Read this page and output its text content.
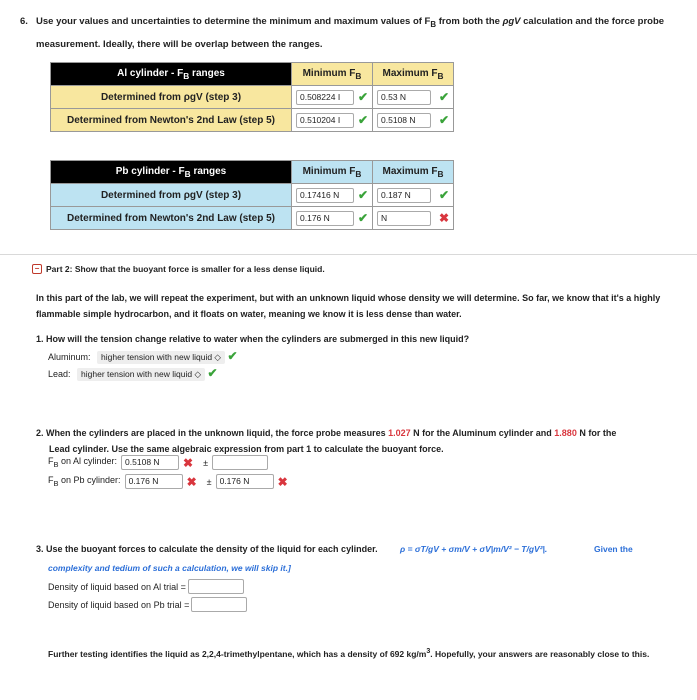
6. Use your values and uncertainties to determine the minimum and maximum values of $F_B$ from both the ρgV calculation and the force probe measurement. Ideally, there will be overlap between the ranges.
Al cylinder - $F_B$ ranges	Minimum $F_B$	Maximum $F_B$
Determined from ρgV (step 3)	0.508224 I ✔	0.53 N ✔

Determined from Newton's 2nd Law (step 5)	0.510204 I ✔	0.5108 N ✔
Pb cylinder - $F_B$ ranges	Minimum $F_B$	Maximum $F_B$
Determined from ρgV (step 3)	0.17416 N ✔	0.187 N ✔

Determined from Newton's 2nd Law (step 5)	0.176 N ✔	N ✖
− Part 2: Show that the buoyant force is smaller for a less dense liquid.
In this part of the lab, we will repeat the experiment, but with an unknown liquid whose density we will determine. So far, we know that it's a highly flammable simple hydrocarbon, and it floats on water, meaning we know it is less dense than water.
1. How will the tension change relative to water when the cylinders are submerged in this new liquid?
Aluminum: higher tension with new liquid ◇ ✔
Lead: higher tension with new liquid ◇ ✔
2. When the cylinders are placed in the unknown liquid, the force probe measures 1.027 N for the Aluminum cylinder and 1.880 N for the
Lead cylinder. Use the same algebraic expression from part 1 to calculate the buoyant force.
$F_B$ on Al cylinder: 0.5108 N	✖ ±
$F_B$ on Pb cylinder: 0.176 N	✖ ± 0.176 N	✖
3. Use the buoyant forces to calculate the density of the liquid for each cylinder.	ρ = σT/gV + σm/V + σV|m/V² − T/gV²|.	Given the
complexity and tedium of such a calculation, we will skip it.]
Density of liquid based on Al trial =
Density of liquid based on Pb trial =
Further testing identifies the liquid as 2,2,4-trimethylpentane, which has a density of 692 $kg/m^3$. Hopefully, your answers are reasonably close to this.
